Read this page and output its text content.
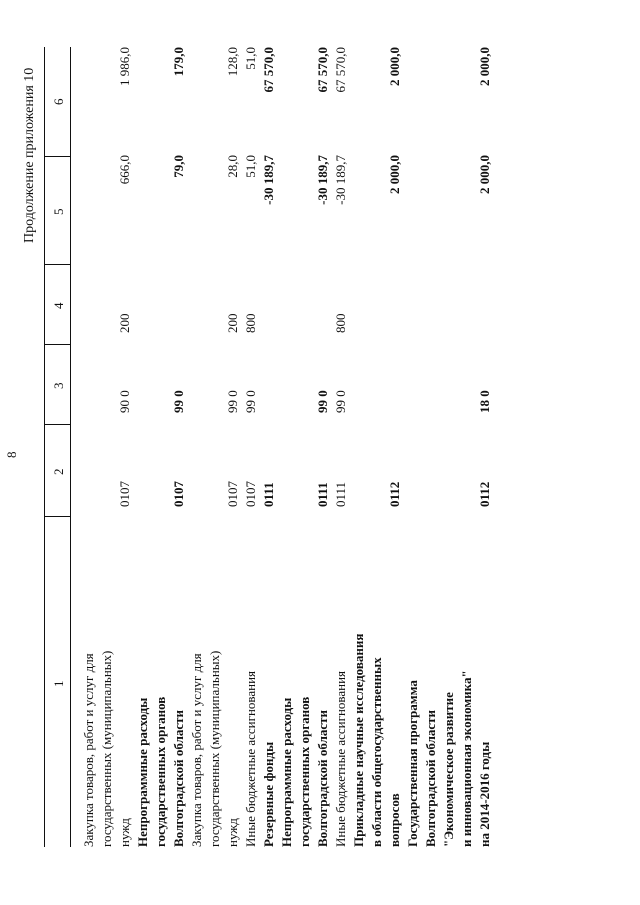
8
Продолжение приложения 10
1
2
3
4
5
6
Закупка товаров, работ и услуг для государственных (муниципальных) нужд
0107
90 0
200
666,0
1 986,0
Непрограммные расходы государственных органов Волгоградской области
0107
99 0
79,0
179,0
Закупка товаров, работ и услуг для государственных (муниципальных) нужд
0107
99 0
200
28,0
128,0
Иные бюджетные ассигнования
0107
99 0
800
51,0
51,0
Резервные фонды
0111
-30 189,7
67 570,0
Непрограммные расходы государственных органов Волгоградской области
0111
99 0
-30 189,7
67 570,0
Иные бюджетные ассигнования
0111
99 0
800
-30 189,7
67 570,0
Прикладные научные исследования в области общегосударственных вопросов
0112
2 000,0
2 000,0
Государственная программа Волгоградской области "Экономическое развитие и инновационная экономика" на 2014-2016 годы
0112
18 0
2 000,0
2 000,0
